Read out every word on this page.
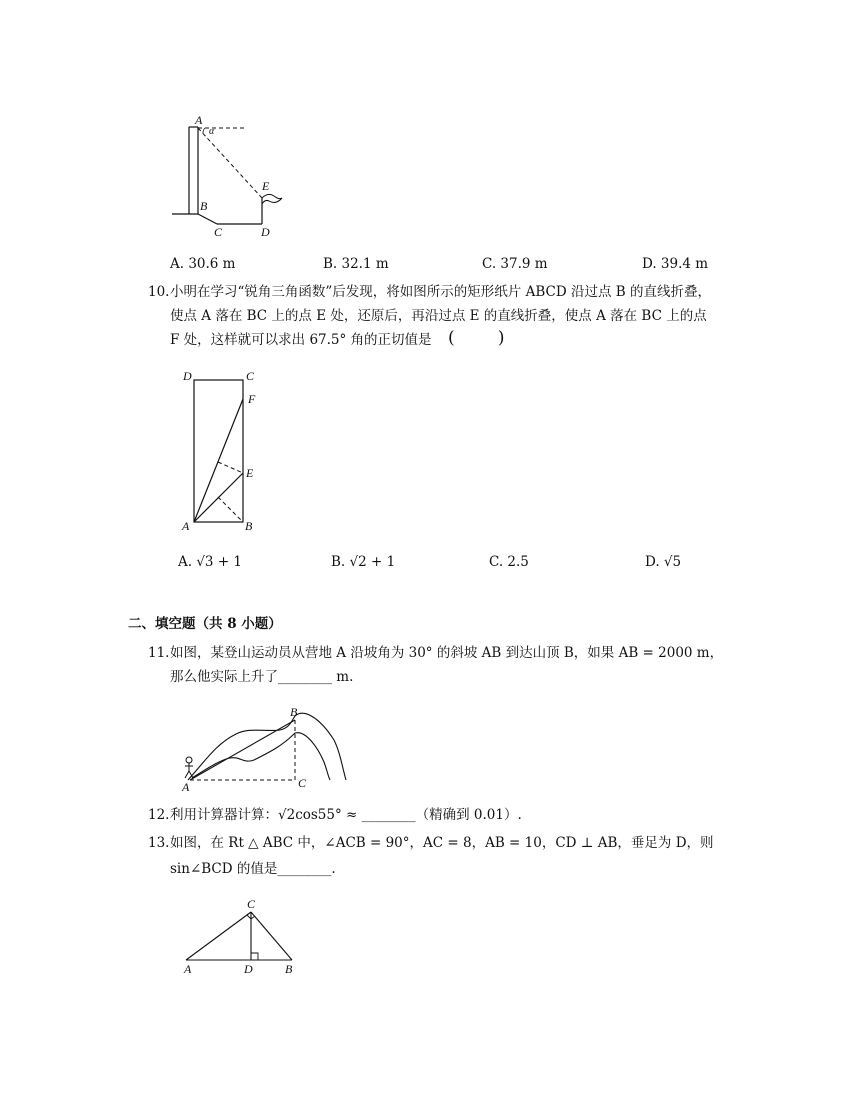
A
α
B
C	D
E
A. 30.6 m	B. 32.1 m	C. 37.9 m	D. 39.4 m
10. 小明在学习“锐角三角函数”后发现，将如图所示的矩形纸片 ABCD 沿过点 B 的直线折叠，
使点 A 落在 BC 上的点 E 处，还原后，再沿过点 E 的直线折叠，使点 A 落在 BC 上的点
F 处，这样就可以求出 67.5° 角的正切值是 (        )
D	C
F
E
A	B
A. √3 + 1	B. √2 + 1	C. 2.5	D. √5
二、填空题（共 8 小题）
11. 如图，某登山运动员从营地 A 沿坡角为 30° 的斜坡 AB 到达山顶 B，如果 AB = 2000 m，
那么他实际上升了________ m.
B
A	C
12. 利用计算器计算：√2cos55° ≈ ________（精确到 0.01）.
13. 如图，在 Rt △ ABC 中，∠ACB = 90°，AC = 8，AB = 10，CD ⊥ AB，垂足为 D，则
sin∠BCD 的值是________.
C
A	D	B
